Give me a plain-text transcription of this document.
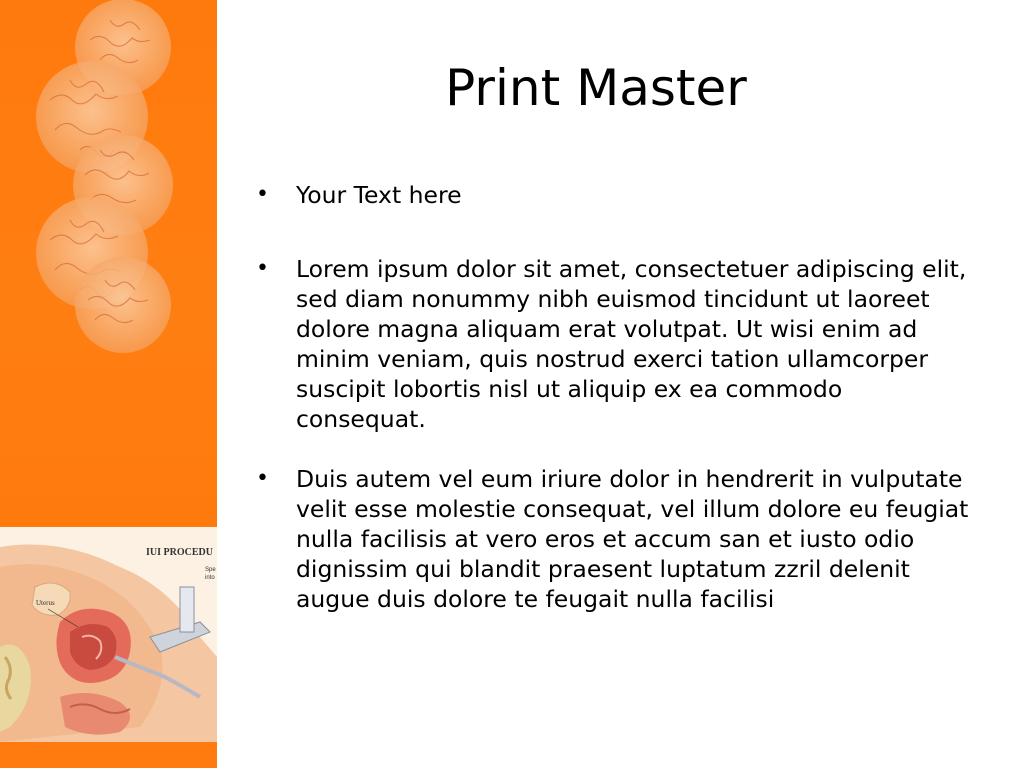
IUI PROCEDU
Spe
into
Uterus
Print Master
• Your Text here
• Lorem ipsum dolor sit amet, consectetuer adipiscing elit, sed diam nonummy nibh euismod tincidunt ut laoreet dolore magna aliquam erat volutpat. Ut wisi enim ad minim veniam, quis nostrud exerci tation ullamcorper suscipit lobortis nisl ut aliquip ex ea commodo consequat.
• Duis autem vel eum iriure dolor in hendrerit in vulputate velit esse molestie consequat, vel illum dolore eu feugiat nulla facilisis at vero eros et accum san et iusto odio dignissim qui blandit praesent luptatum zzril delenit augue duis dolore te feugait nulla facilisi
